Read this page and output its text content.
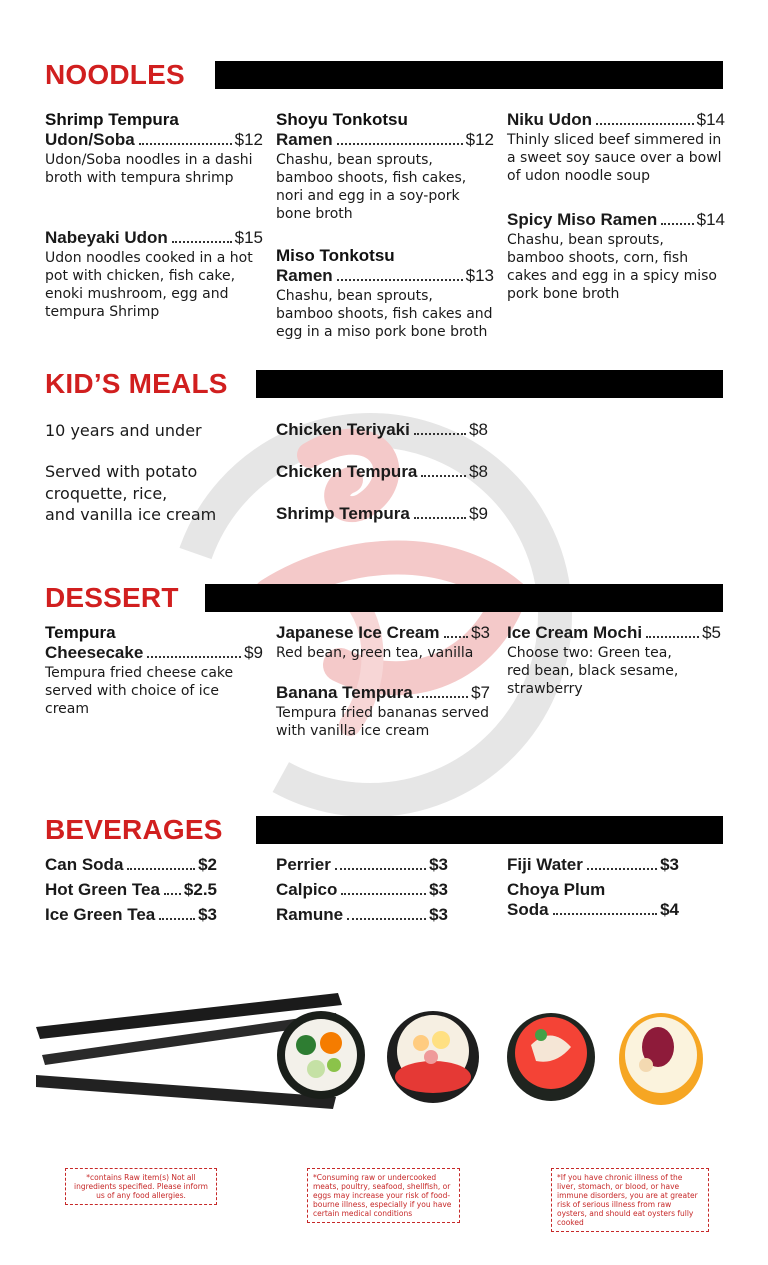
NOODLES
Shrimp Tempura
Udon/Soba	$12
Udon/Soba noodles in a dashi broth with tempura shrimp
Nabeyaki Udon	$15
Udon noodles cooked in a hot pot with chicken, fish cake, enoki mushroom, egg and tempura Shrimp
Shoyu Tonkotsu
Ramen	$12
Chashu, bean sprouts, bamboo shoots, fish cakes, nori and egg in a soy-pork bone broth
Miso Tonkotsu
Ramen	$13
Chashu, bean sprouts, bamboo shoots, fish cakes and egg in a miso pork bone broth
Niku Udon	$14
Thinly sliced beef simmered in a sweet soy sauce over a bowl of udon noodle soup
Spicy Miso Ramen $14
Chashu, bean sprouts, bamboo shoots, corn, fish cakes and egg in a spicy miso pork bone broth
KID’S MEALS
10 years and under
Served with potato
croquette, rice,
and vanilla ice cream
Chicken Teriyaki	$8
Chicken Tempura	$8
Shrimp Tempura	$9
DESSERT
Tempura
Cheesecake	$9
Tempura fried cheese cake served with choice of ice cream
Japanese Ice Cream $3
Red bean, green tea, vanilla
Banana Tempura	$7
Tempura fried bananas served with vanilla ice cream
Ice Cream Mochi	$5
Choose two: Green tea, red bean, black sesame, strawberry
BEVERAGES
Can Soda	$2
Hot Green Tea $2.5
Ice Green Tea	$3
Perrier	$3
Calpico	$3
Ramune	$3
Fiji Water	$3
Choya Plum
Soda	$4
*contains Raw item(s) Not all ingredients specified. Please inform us of any food allergies.
*Consuming raw or undercooked meats, poultry, seafood, shellfish, or eggs may increase your risk of food-bourne illness, especially if you have certain medical conditions
*If you have chronic illness of the liver, stomach, or blood, or have immune disorders, you are at greater risk of serious illness from raw oysters, and should eat oysters fully cooked
